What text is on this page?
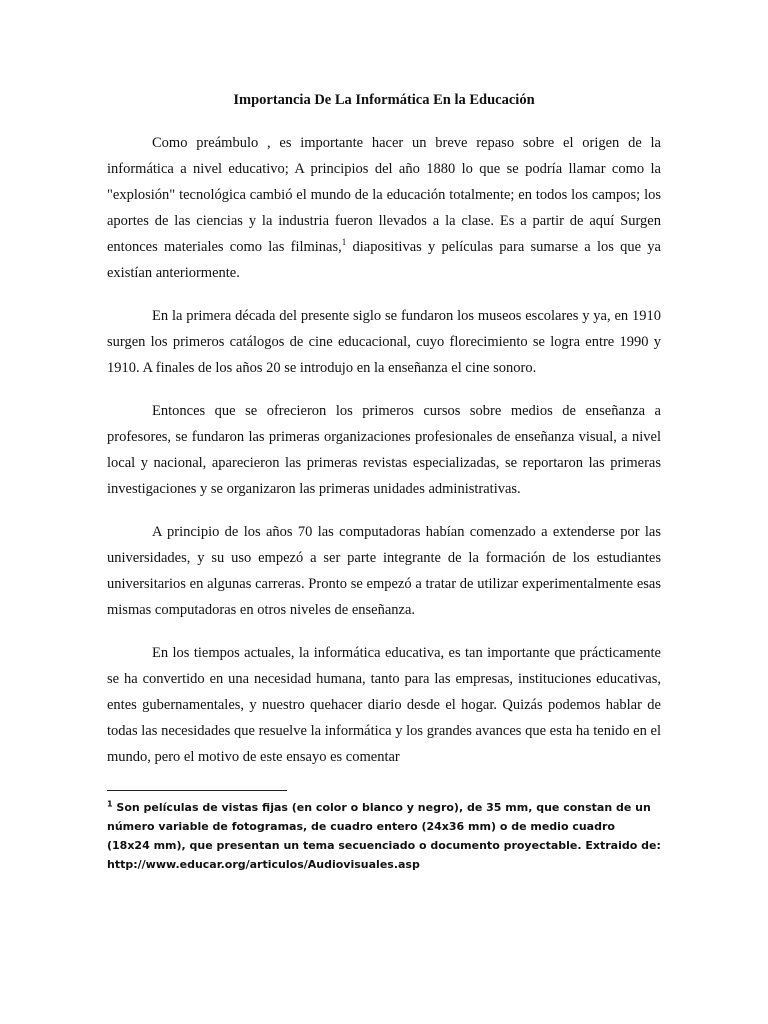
Importancia De La Informática En la Educación

Como preámbulo , es importante hacer un breve repaso sobre el origen de la informática a nivel educativo; A principios del año 1880 lo que se podría llamar como la "explosión" tecnológica cambió el mundo de la educación totalmente; en todos los campos; los aportes de las ciencias y la industria fueron llevados a la clase. Es a partir de aquí Surgen entonces materiales como las filminas,$^1$ diapositivas y películas para sumarse a los que ya existían anteriormente.

En la primera década del presente siglo se fundaron los museos escolares y ya, en 1910 surgen los primeros catálogos de cine educacional, cuyo florecimiento se logra entre 1990 y 1910. A finales de los años 20 se introdujo en la enseñanza el cine sonoro.

Entonces que se ofrecieron los primeros cursos sobre medios de enseñanza a profesores, se fundaron las primeras organizaciones profesionales de enseñanza visual, a nivel local y nacional, aparecieron las primeras revistas especializadas, se reportaron las primeras investigaciones y se organizaron las primeras unidades administrativas.

A principio de los años 70 las computadoras habían comenzado a extenderse por las universidades, y su uso empezó a ser parte integrante de la formación de los estudiantes universitarios en algunas carreras. Pronto se empezó a tratar de utilizar experimentalmente esas mismas computadoras en otros niveles de enseñanza.

En los tiempos actuales, la informática educativa, es tan importante que prácticamente se ha convertido en una necesidad humana, tanto para las empresas, instituciones educativas, entes gubernamentales, y nuestro quehacer diario desde el hogar. Quizás podemos hablar de todas las necesidades que resuelve la informática y los grandes avances que esta ha tenido en el mundo, pero el motivo de este ensayo es comentar

$^1$ Son películas de vistas fijas (en color o blanco y negro), de 35 mm, que constan de un número variable de fotogramas, de cuadro entero (24x36 mm) o de medio cuadro (18x24 mm), que presentan un tema secuenciado o documento proyectable. Extraido de: http://www.educar.org/articulos/Audiovisuales.asp
